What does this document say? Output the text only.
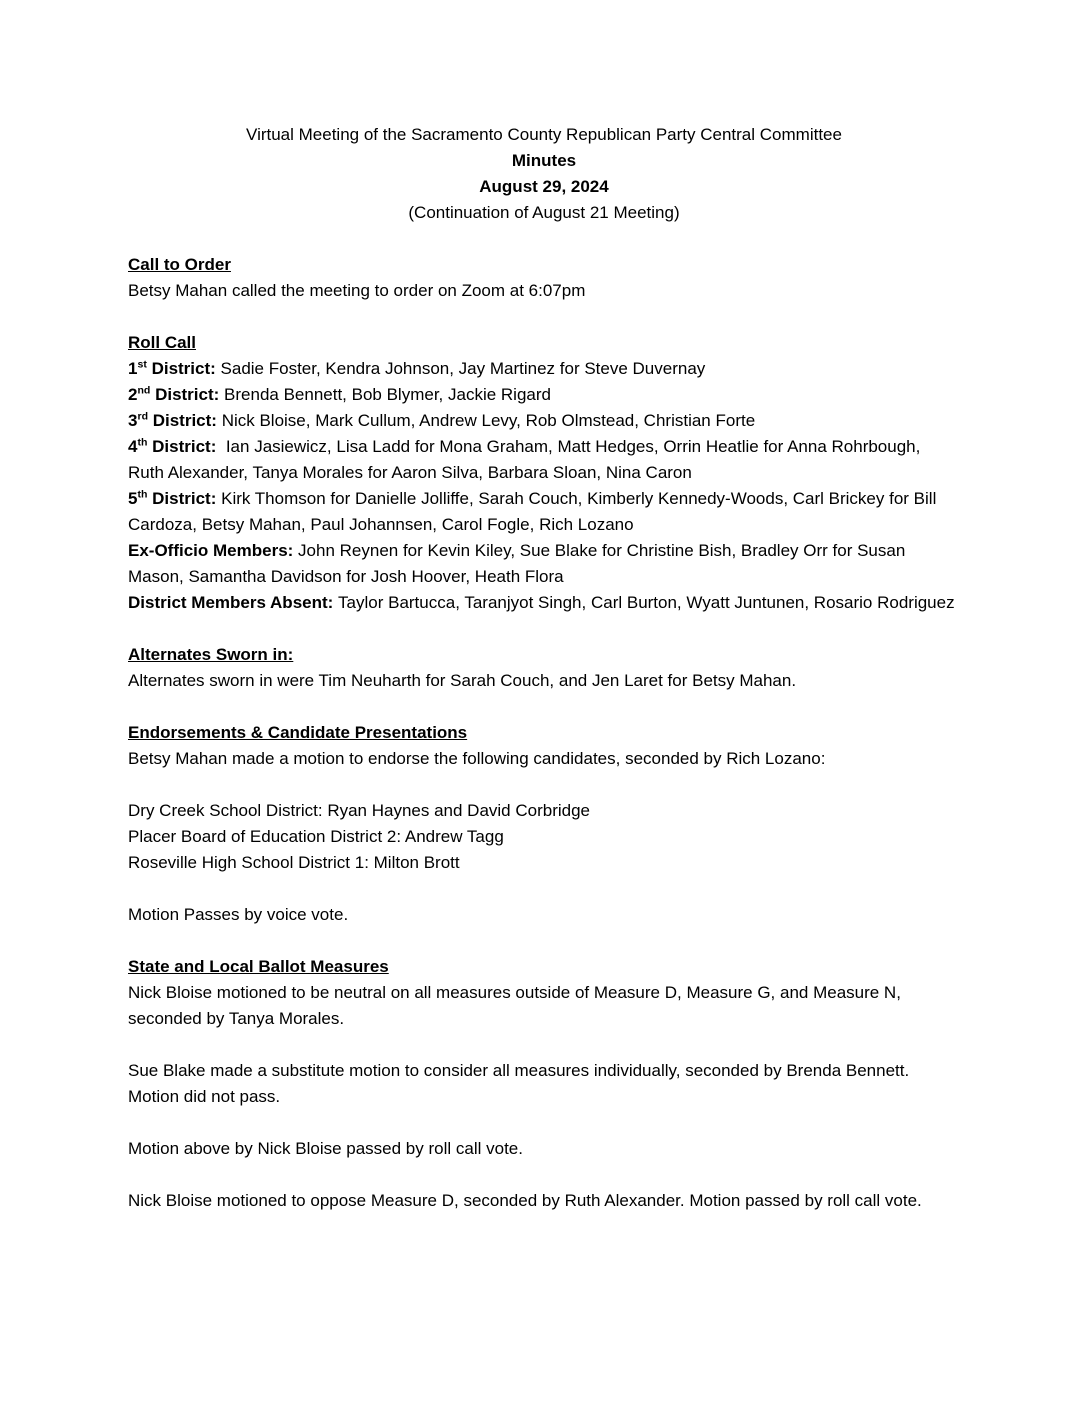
Virtual Meeting of the Sacramento County Republican Party Central Committee
Minutes
August 29, 2024
(Continuation of August 21 Meeting)
Call to Order
Betsy Mahan called the meeting to order on Zoom at 6:07pm
Roll Call
1st District: Sadie Foster, Kendra Johnson, Jay Martinez for Steve Duvernay
2nd District: Brenda Bennett, Bob Blymer, Jackie Rigard
3rd District: Nick Bloise, Mark Cullum, Andrew Levy, Rob Olmstead, Christian Forte
4th District:  Ian Jasiewicz, Lisa Ladd for Mona Graham, Matt Hedges, Orrin Heatlie for Anna Rohrbough, Ruth Alexander, Tanya Morales for Aaron Silva, Barbara Sloan, Nina Caron
5th District: Kirk Thomson for Danielle Jolliffe, Sarah Couch, Kimberly Kennedy-Woods, Carl Brickey for Bill Cardoza, Betsy Mahan, Paul Johannsen, Carol Fogle, Rich Lozano
Ex-Officio Members: John Reynen for Kevin Kiley, Sue Blake for Christine Bish, Bradley Orr for Susan Mason, Samantha Davidson for Josh Hoover, Heath Flora
District Members Absent: Taylor Bartucca, Taranjyot Singh, Carl Burton, Wyatt Juntunen, Rosario Rodriguez
Alternates Sworn in:
Alternates sworn in were Tim Neuharth for Sarah Couch, and Jen Laret for Betsy Mahan.
Endorsements & Candidate Presentations
Betsy Mahan made a motion to endorse the following candidates, seconded by Rich Lozano:
Dry Creek School District: Ryan Haynes and David Corbridge
Placer Board of Education District 2: Andrew Tagg
Roseville High School District 1: Milton Brott
Motion Passes by voice vote.
State and Local Ballot Measures
Nick Bloise motioned to be neutral on all measures outside of Measure D, Measure G, and Measure N, seconded by Tanya Morales.
Sue Blake made a substitute motion to consider all measures individually, seconded by Brenda Bennett. Motion did not pass.
Motion above by Nick Bloise passed by roll call vote.
Nick Bloise motioned to oppose Measure D, seconded by Ruth Alexander. Motion passed by roll call vote.
